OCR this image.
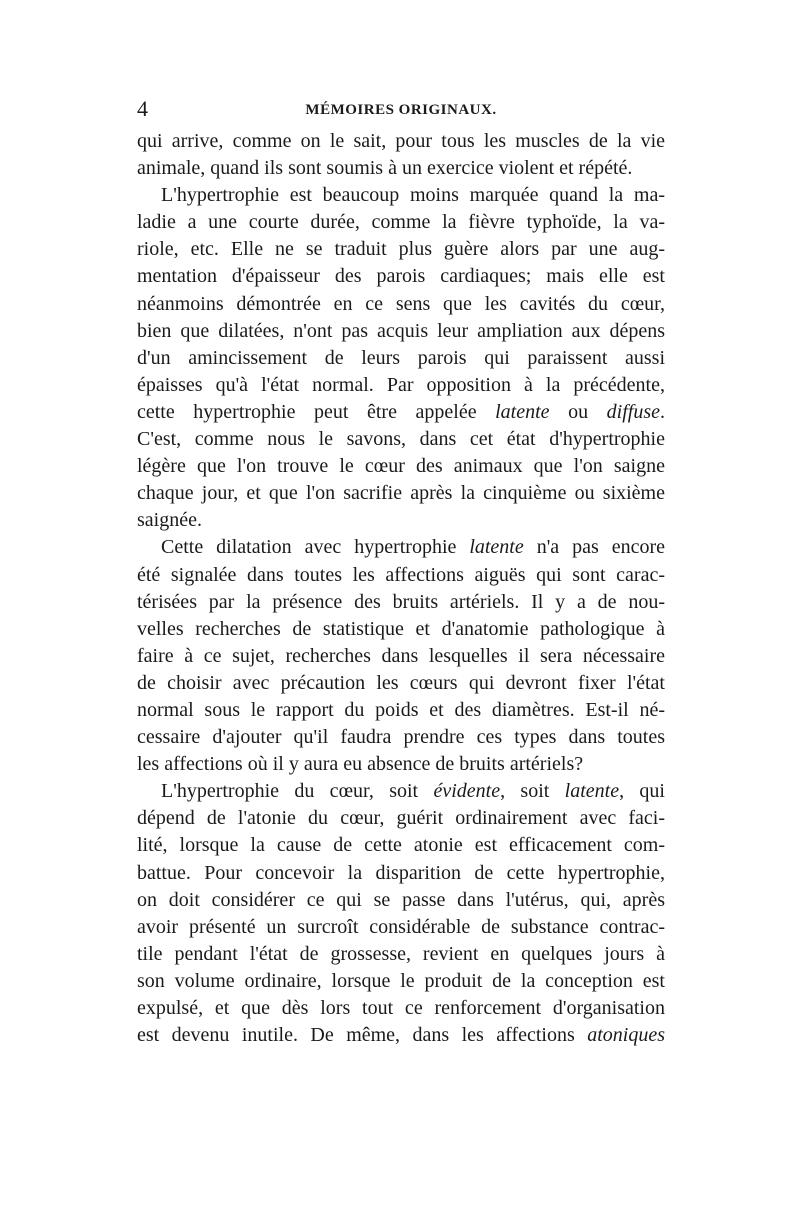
4	MÉMOIRES ORIGINAUX.
qui arrive, comme on le sait, pour tous les muscles de la vie
animale, quand ils sont soumis à un exercice violent et répété.
L'hypertrophie est beaucoup moins marquée quand la ma-
ladie a une courte durée, comme la fièvre typhoïde, la va-
riole, etc. Elle ne se traduit plus guère alors par une aug-
mentation d'épaisseur des parois cardiaques; mais elle est
néanmoins démontrée en ce sens que les cavités du cœur,
bien que dilatées, n'ont pas acquis leur ampliation aux dépens
d'un amincissement de leurs parois qui paraissent aussi
épaisses qu'à l'état normal. Par opposition à la précédente,
cette hypertrophie peut être appelée latente ou diffuse.
C'est, comme nous le savons, dans cet état d'hypertrophie
légère que l'on trouve le cœur des animaux que l'on saigne
chaque jour, et que l'on sacrifie après la cinquième ou sixième
saignée.
Cette dilatation avec hypertrophie latente n'a pas encore
été signalée dans toutes les affections aiguës qui sont carac-
térisées par la présence des bruits artériels. Il y a de nou-
velles recherches de statistique et d'anatomie pathologique à
faire à ce sujet, recherches dans lesquelles il sera nécessaire
de choisir avec précaution les cœurs qui devront fixer l'état
normal sous le rapport du poids et des diamètres. Est-il né-
cessaire d'ajouter qu'il faudra prendre ces types dans toutes
les affections où il y aura eu absence de bruits artériels?
L'hypertrophie du cœur, soit évidente, soit latente, qui
dépend de l'atonie du cœur, guérit ordinairement avec faci-
lité, lorsque la cause de cette atonie est efficacement com-
battue. Pour concevoir la disparition de cette hypertrophie,
on doit considérer ce qui se passe dans l'utérus, qui, après
avoir présenté un surcroît considérable de substance contrac-
tile pendant l'état de grossesse, revient en quelques jours à
son volume ordinaire, lorsque le produit de la conception est
expulsé, et que dès lors tout ce renforcement d'organisation
est devenu inutile. De même, dans les affections atoniques
